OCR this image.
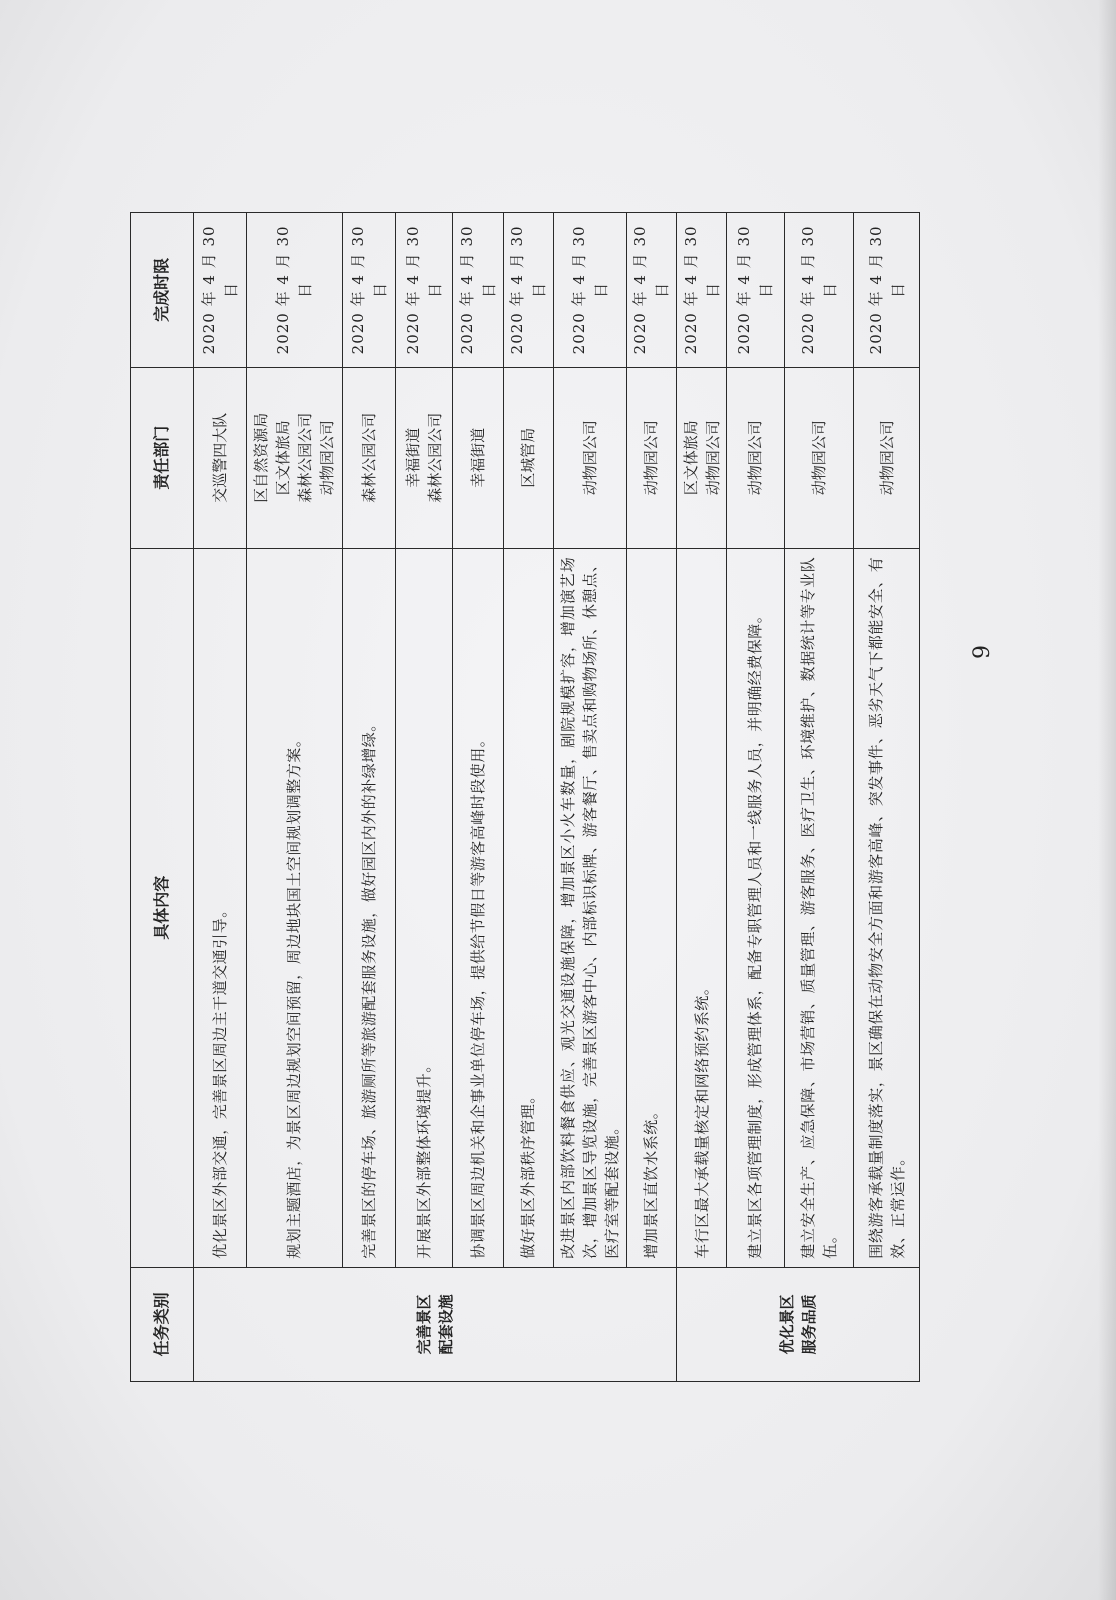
任务类别	具体内容	责任部门	完成时限

完善景区 配套设施	优化景区外部交通，完善景区周边主干道交通引导。	交巡警四大队	2020 年 4 月 30 日
	规划主题酒店，为景区周边规划空间预留，周边地块国土空间规划调整方案。	区自然资源局 区文体旅局 森林公园公司 动物园公司	2020 年 4 月 30 日
	完善景区的停车场、旅游厕所等旅游配套服务设施，做好园区内外的补绿增绿。	森林公园公司	2020 年 4 月 30 日
	开展景区外部整体环境提升。	幸福街道 森林公园公司	2020 年 4 月 30 日
	协调景区周边机关和企事业单位停车场，提供给节假日等游客高峰时段使用。	幸福街道	2020 年 4 月 30 日
	做好景区外部秩序管理。	区城管局	2020 年 4 月 30 日
	改进景区内部饮料餐食供应、观光交通设施保障，增加景区小火车数量，剧院规模扩容，增加演艺场次，增加景区导览设施，完善景区游客中心、内部标识标牌、游客餐厅、售卖点和购物场所、休憩点、医疗室等配套设施。	动物园公司	2020 年 4 月 30 日
	增加景区直饮水系统。	动物园公司	2020 年 4 月 30 日

优化景区 服务品质	车行区最大承载量核定和网络预约系统。	区文体旅局 动物园公司	2020 年 4 月 30 日
	建立景区各项管理制度，形成管理体系，配备专职管理人员和一线服务人员，并明确经费保障。	动物园公司	2020 年 4 月 30 日
	建立安全生产、应急保障、市场营销、质量管理、游客服务、医疗卫生、环境维护、数据统计等专业队伍。	动物园公司	2020 年 4 月 30 日
	围绕游客承载量制度落实，景区确保在动物安全方面和游客高峰、突发事件、恶劣天气下都能安全、有效、正常运作。	动物园公司	2020 年 4 月 30 日
9
